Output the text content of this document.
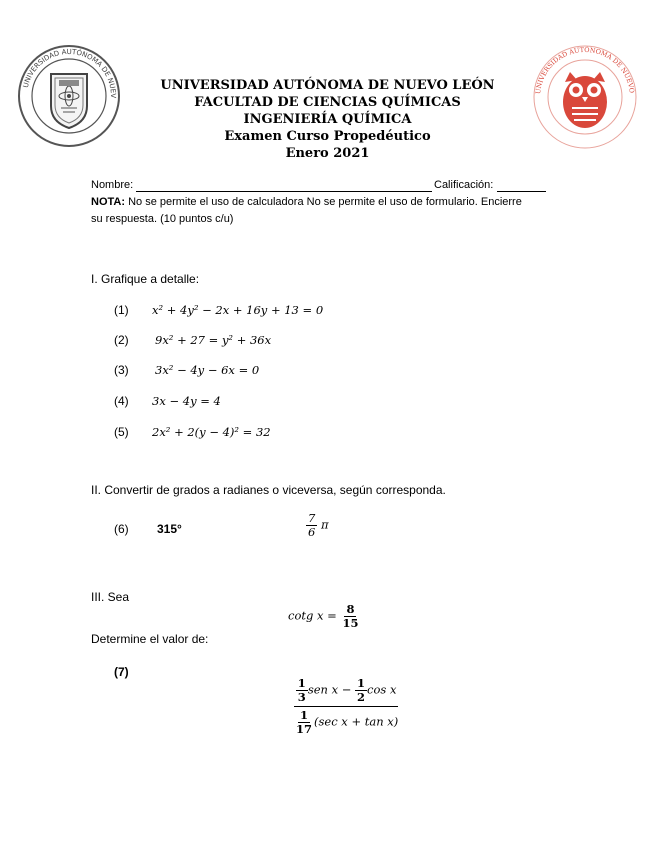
UNIVERSIDAD AUTÓNOMA DE NUEV
UNIVERSIDAD AUTÓNOMA DE NUEVO
UNIVERSIDAD AUTÓNOMA DE NUEVO LEÓN
FACULTAD DE CIENCIAS QUÍMICAS
INGENIERÍA QUÍMICA
Examen Curso Propedéutico
Enero 2021
Nombre:	Calificación:
NOTA: No se permite el uso de calculadora No se permite el uso de formulario. Encierre
su respuesta. (10 puntos c/u)
I. Grafique a detalle:
(1) x² + 4y² − 2x + 16y + 13 = 0
(2) 9x² + 27 = y² + 36x
(3) 3x² − 4y − 6x = 0
(4) 3x − 4y = 4
(5) 2x² + 2(y − 4)² = 32
II. Convertir de grados a radianes o viceversa, según corresponda.
(6) 315°	$\frac{7}{6}$ π
III. Sea
cotg $x = \frac{8}{15}$
Determine el valor de:
(7)
$\frac{1}{3}$ sen $x - \frac{1}{2}$ cos x
$\frac{1}{17} (\sec$ x + tan x)
